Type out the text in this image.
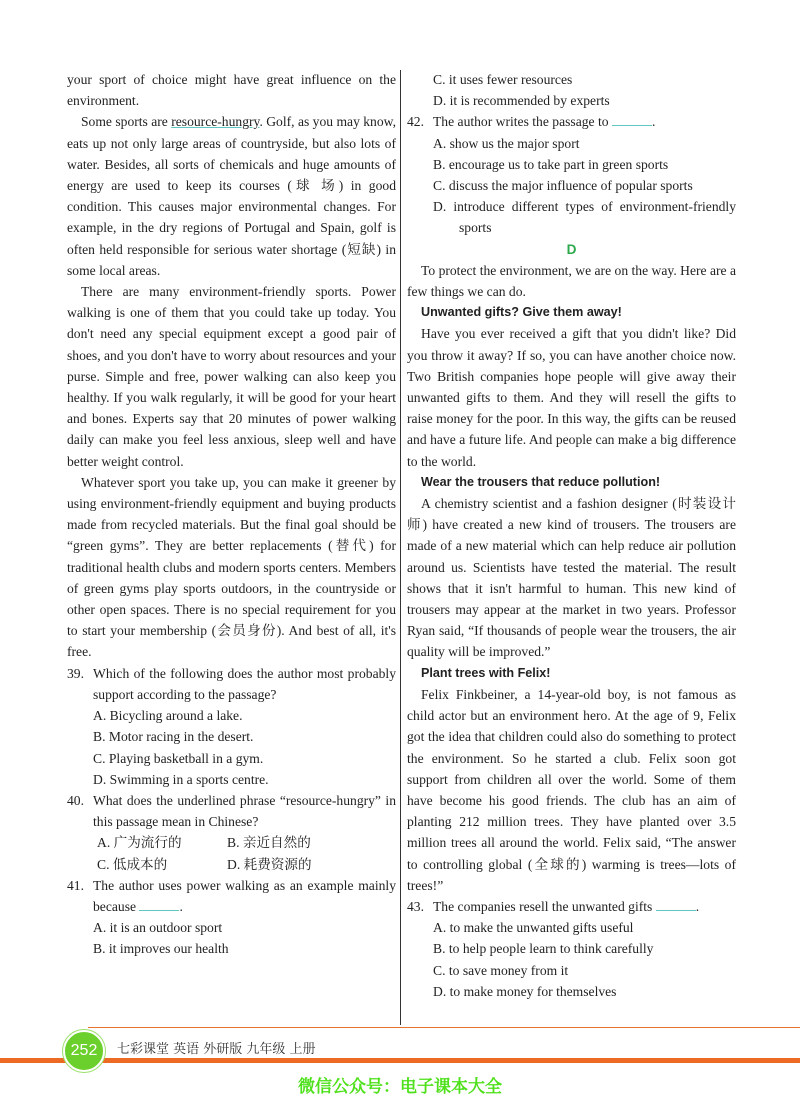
your sport of choice might have great influence on the environment.

Some sports are resource-hungry. Golf, as you may know, eats up not only large areas of countryside, but also lots of water. Besides, all sorts of chemicals and huge amounts of energy are used to keep its courses (球 场) in good condition. This causes major environmental changes. For example, in the dry regions of Portugal and Spain, golf is often held responsible for serious water shortage (短缺) in some local areas.

There are many environment-friendly sports. Power walking is one of them that you could take up today. You don't need any special equipment except a good pair of shoes, and you don't have to worry about resources and your purse. Simple and free, power walking can also keep you healthy. If you walk regularly, it will be good for your heart and bones. Experts say that 20 minutes of power walking daily can make you feel less anxious, sleep well and have better weight control.

Whatever sport you take up, you can make it greener by using environment-friendly equipment and buying products made from recycled materials. But the final goal should be “green gyms”. They are better replacements (替代) for traditional health clubs and modern sports centers. Members of green gyms play sports outdoors, in the countryside or other open spaces. There is no special requirement for you to start your membership (会员身份). And best of all, it's free.

39. Which of the following does the author most probably support according to the passage?

A. Bicycling around a lake.

B. Motor racing in the desert.

C. Playing basketball in a gym.

D. Swimming in a sports centre.

40. What does the underlined phrase “resource-hungry” in this passage mean in Chinese?

A. 广为流行的	B. 亲近自然的
C. 低成本的	D. 耗费资源的

41. The author uses power walking as an example mainly because	.

A. it is an outdoor sport

B. it improves our health

C. it uses fewer resources

D. it is recommended by experts

42. The author writes the passage to	.

A. show us the major sport

B. encourage us to take part in green sports

C. discuss the major influence of popular sports

D. introduce different types of environment-friendly sports

D

To protect the environment, we are on the way. Here are a few things we can do.

Unwanted gifts? Give them away!

Have you ever received a gift that you didn't like? Did you throw it away? If so, you can have another choice now. Two British companies hope people will give away their unwanted gifts to them. And they will resell the gifts to raise money for the poor. In this way, the gifts can be reused and have a future life. And people can make a big difference to the world.

Wear the trousers that reduce pollution!

A chemistry scientist and a fashion designer (时装设计师) have created a new kind of trousers. The trousers are made of a new material which can help reduce air pollution around us. Scientists have tested the material. The result shows that it isn't harmful to human. This new kind of trousers may appear at the market in two years. Professor Ryan said, “If thousands of people wear the trousers, the air quality will be improved.”

Plant trees with Felix!

Felix Finkbeiner, a 14-year-old boy, is not famous as child actor but an environment hero. At the age of 9, Felix got the idea that children could also do something to protect the environment. So he started a club. Felix soon got support from children all over the world. Some of them have become his good friends. The club has an aim of planting 212 million trees. They have planted over 3.5 million trees all around the world. Felix said, “The answer to controlling global (全球的) warming is trees—lots of trees!”

43. The companies resell the unwanted gifts	.

A. to make the unwanted gifts useful

B. to help people learn to think carefully

C. to save money from it

D. to make money for themselves

252	七彩课堂 英语 外研版 九年级 上册
微信公众号：电子课本大全
